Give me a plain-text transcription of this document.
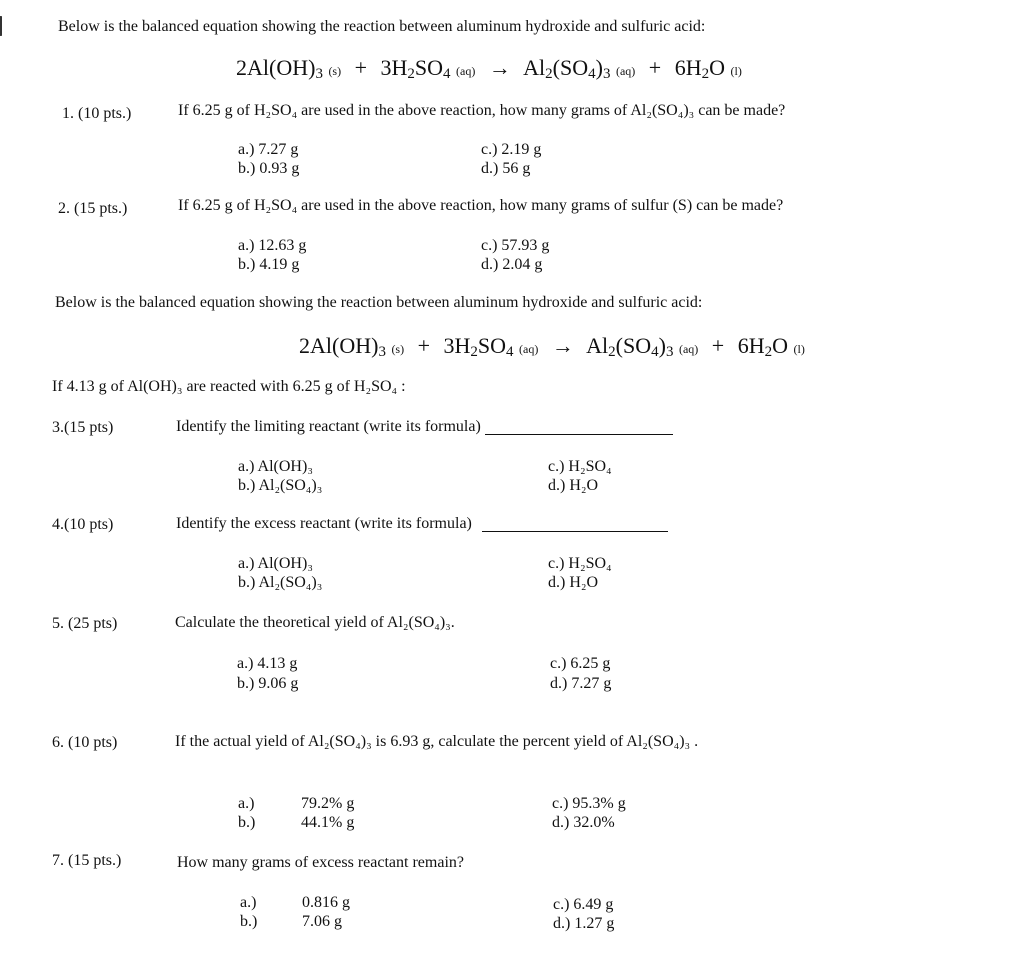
Below is the balanced equation showing the reaction between aluminum hydroxide and sulfuric acid:
$2Al(OH)_3$ $(s) + 3H_2SO_4$ $(aq) \to Al_2(SO_4)_3$ $(aq) + 6H_2O$ (l)
1. (10 pts.)	If 6.25 g of H₂SO₄ are used in the above reaction, how many grams of Al₂(SO₄)₃ can be made?
a.) 7.27 g
b.) 0.93 g
c.) 2.19 g
d.) 56 g
2. (15 pts.)	If 6.25 g of H₂SO₄ are used in the above reaction, how many grams of sulfur (S) can be made?
a.) 12.63 g
b.) 4.19 g
c.) 57.93 g
d.) 2.04 g
Below is the balanced equation showing the reaction between aluminum hydroxide and sulfuric acid:
$2Al(OH)_3$ $(s) + 3H_2SO_4$ $(aq) \to Al_2(SO_4)_3$ $(aq) + 6H_2O$ (l)
If 4.13 g of Al(OH)₃ are reacted with 6.25 g of H₂SO₄ :
3.(15 pts)	Identify the limiting reactant (write its formula)
a.) Al(OH)₃
b.) Al₂(SO₄)₃
c.) H₂SO₄
d.) H₂O
4.(10 pts)	Identify the excess reactant (write its formula)
a.) Al(OH)₃
b.) Al₂(SO₄)₃
c.) H₂SO₄
d.) H₂O
5. (25 pts)	Calculate the theoretical yield of Al₂(SO₄)₃.
a.) 4.13 g
b.) 9.06 g
c.) 6.25 g
d.) 7.27 g
6. (10 pts)	If the actual yield of Al₂(SO₄)₃ is 6.93 g, calculate the percent yield of Al₂(SO₄)₃ .
a.)	79.2% g
b.)	44.1% g
c.) 95.3% g
d.) 32.0%
7. (15 pts.)	How many grams of excess reactant remain?
a.)	0.816 g
b.)	7.06 g
c.) 6.49 g
d.) 1.27 g
